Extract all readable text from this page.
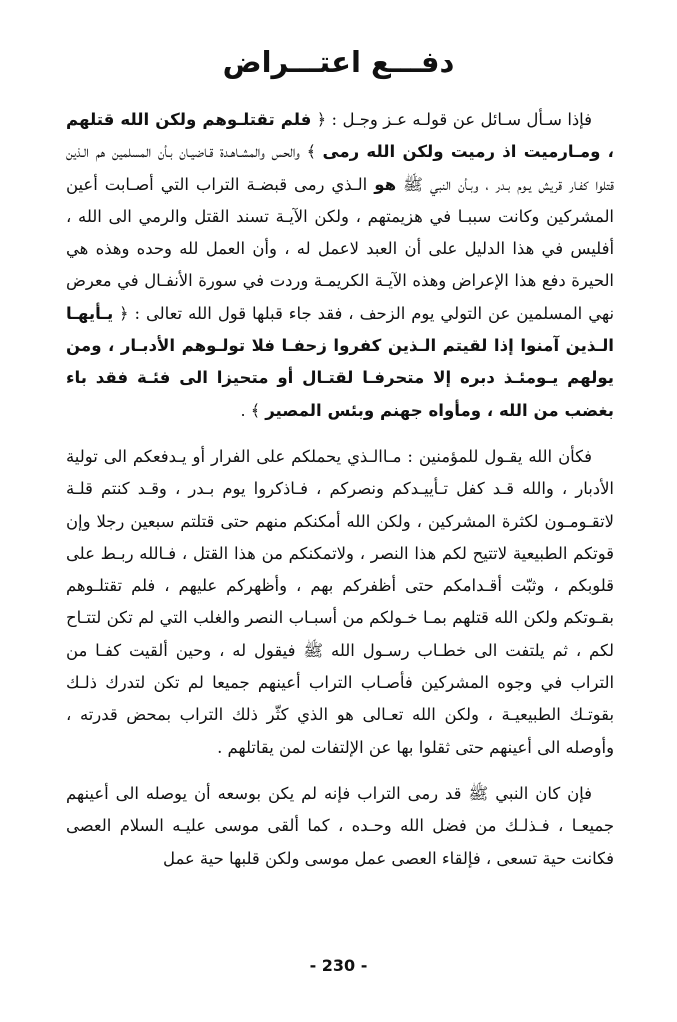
دفـــع اعتـــراض

فإذا سـأل سـائل عن قولـه عـز وجـل : ﴿ فلم تقتلـوهم ولكن الله قتلهم ، ومـارميت اذ رميت ولكن الله رمى ﴾ والحس والمشـاهـدة قـاضيـان بـأن المسلمين هم الـذين قتلوا كفـار قريش يـوم بـدر ، وبـأن النبي ﷺ هو الـذي رمى قبضـة التراب التي أصـابت أعين المشركين وكانت سببـا في هزيمتهم ، ولكن الآيـة تسند القتل والرمي الى الله ، أفليس في هذا الدليل على أن العبد لاعمل له ، وأن العمل لله وحده وهذه هي الحيرة دفع هذا الإعراض وهذه الآيـة الكريمـة وردت في سورة الأنفـال في معرض نهي المسلمين عن التولي يوم الزحف ، فقد جاء قبلها قول الله تعالى : ﴿ يـأيهـا الـذين آمنوا إذا لقيتم الـذين كفروا زحفـا فلا تولـوهم الأدبـار ، ومن يولهم يـومئـذ دبره إلا متحرفـا لقتـال أو متحيزا الى فئـة فقد باء بغضب من الله ، ومأواه جهنم وبئس المصير ﴾ .

فكأن الله يقـول للمؤمنين : مـاالـذي يحملكم على الفرار أو يـدفعكم الى تولية الأدبار ، والله قـد كفل تـأييـدكم ونصركم ، فـاذكروا يوم بـدر ، وقـد كنتم قلـة لاتقـومـون لكثرة المشركين ، ولكن الله أمكنكم منهم حتى قتلتم سبعين رجلا وإن قوتكم الطبيعية لاتتيح لكم هذا النصر ، ولاتمكنكم من هذا القتل ، فـالله ربـط على قلوبكم ، وثبّت أقـدامكم حتى أظفركم بهم ، وأظهركم عليهم ، فلم تقتلـوهم بقـوتكم ولكن الله قتلهم بمـا خـولكم من أسبـاب النصر والغلب التي لم تكن لتتـاح لكم ، ثم يلتفت الى خطـاب رسـول الله ﷺ فيقول له ، وحين ألقيت كفـا من التراب في وجوه المشركين فأصـاب التراب أعينهم جميعا لم تكن لتدرك ذلـك بقوتـك الطبيعيـة ، ولكن الله تعـالى هو الذي كثّر ذلك التراب بمحض قدرته ، وأوصله الى أعينهم حتى ثقلوا بها عن الإلتفات لمن يقاتلهم .

فإن كان النبي ﷺ قد رمى التراب فإنه لم يكن بوسعه أن يوصله الى أعينهم جميعـا ، فـذلـك من فضل الله وحـده ، كما ألقى موسى عليـه السلام العصى فكانت حية تسعى ، فإلقاء العصى عمل موسى ولكن قلبها حية عمل

- 230 -
